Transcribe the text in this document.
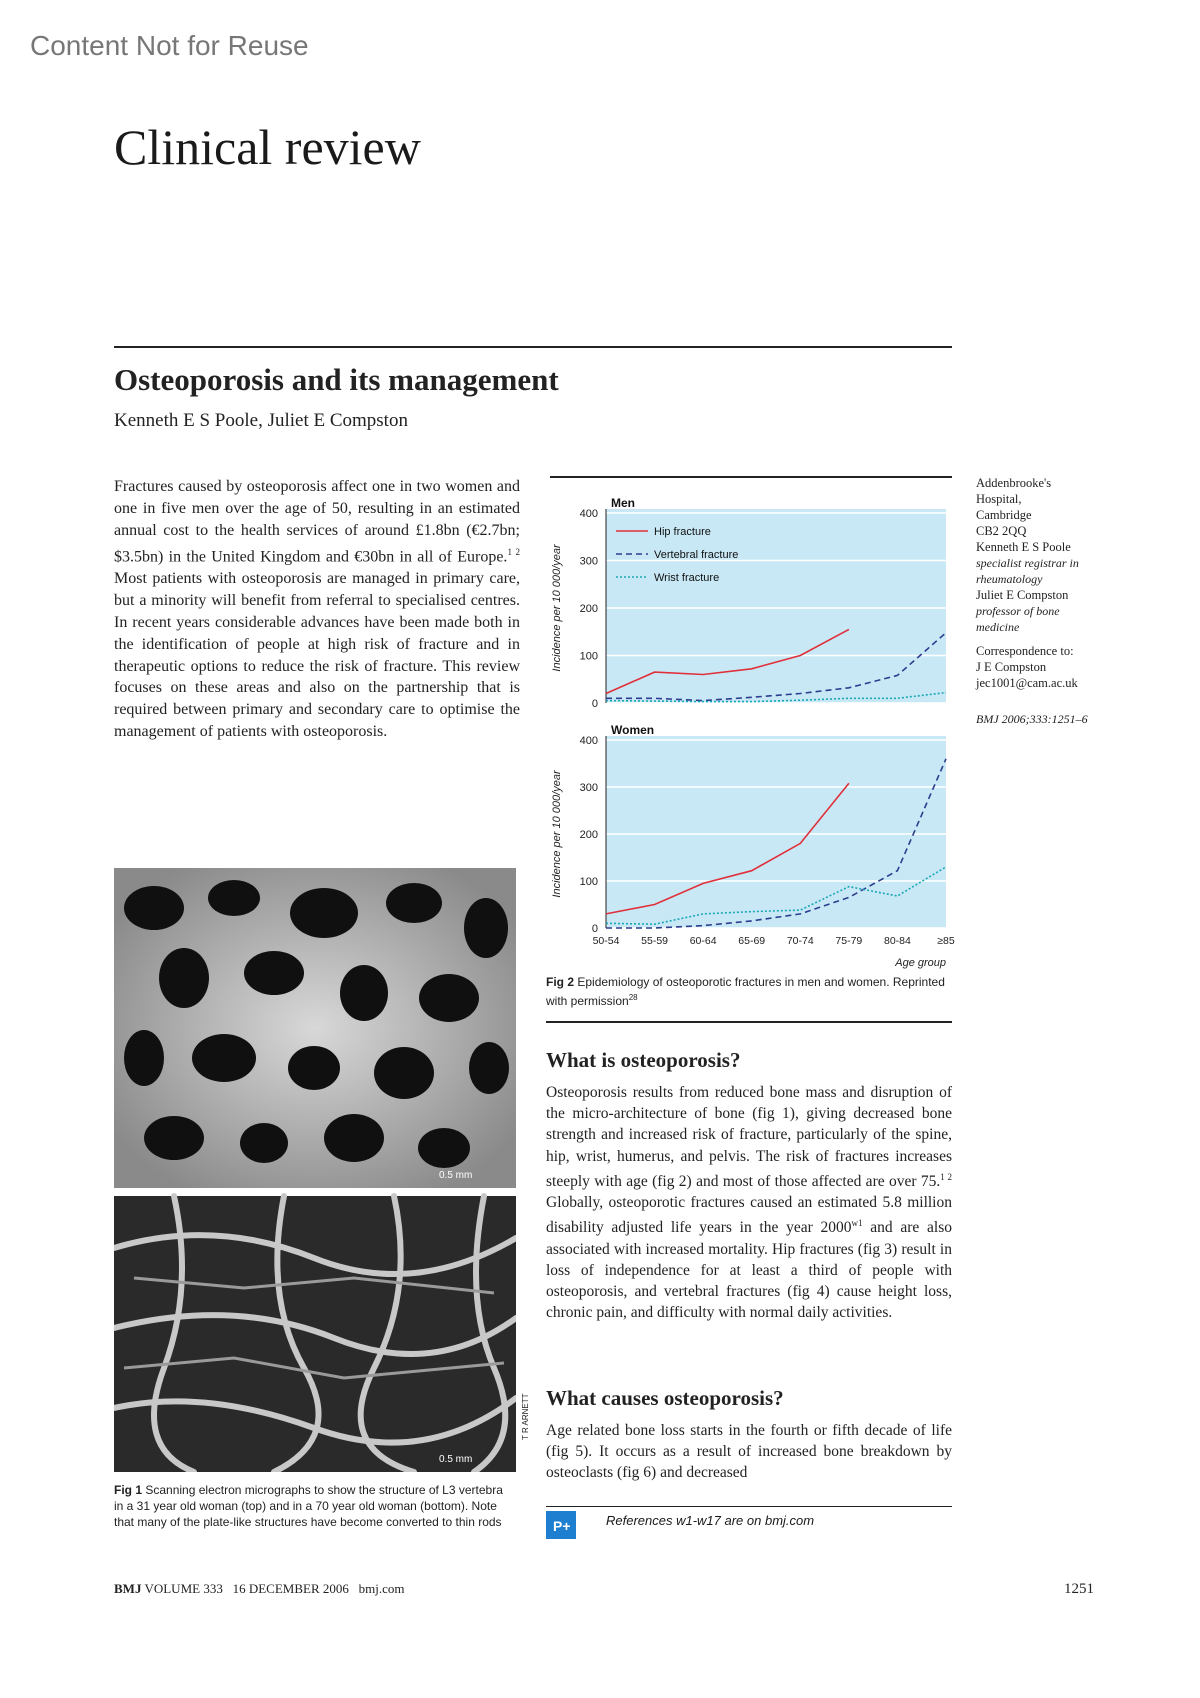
Content Not for Reuse
Clinical review
Osteoporosis and its management
Kenneth E S Poole, Juliet E Compston
Fractures caused by osteoporosis affect one in two women and one in five men over the age of 50, resulting in an estimated annual cost to the health services of around £1.8bn (€2.7bn; $3.5bn) in the United Kingdom and €30bn in all of Europe.$^{1 2}$ Most patients with osteoporosis are managed in primary care, but a minority will benefit from referral to specialised centres. In recent years considerable advances have been made both in the identification of people at high risk of fracture and in therapeutic options to reduce the risk of fracture. This review focuses on these areas and also on the partnership that is required between primary and secondary care to optimise the management of patients with osteoporosis.
0.5 mm
0.5 mm
T R ARNETT
Fig 1 Scanning electron micrographs to show the structure of L3 vertebra in a 31 year old woman (top) and in a 70 year old woman (bottom). Note that many of the plate-like structures have become converted to thin rods
0
100
200
300
400
Men
Incidence per 10 000/year
Hip fracture
Vertebral fracture
Wrist fracture
0
100
200
300
400
Women
Incidence per 10 000/year
50-54 55-59 60-64 65-69 70-74 75-79 80-84	≥85
Age group
Fig 2 Epidemiology of osteoporotic fractures in men and women. Reprinted with permission$^{28}$
What is osteoporosis?
Osteoporosis results from reduced bone mass and disruption of the micro-architecture of bone (fig 1), giving decreased bone strength and increased risk of fracture, particularly of the spine, hip, wrist, humerus, and pelvis. The risk of fractures increases steeply with age (fig 2) and most of those affected are over 75.$^{1 2}$ Globally, osteoporotic fractures caused an estimated 5.8 million disability adjusted life years in the year $2000^{w1}$ and are also associated with increased mortality. Hip fractures (fig 3) result in loss of independence for at least a third of people with osteoporosis, and vertebral fractures (fig 4) cause height loss, chronic pain, and difficulty with normal daily activities.
What causes osteoporosis?
Age related bone loss starts in the fourth or fifth decade of life (fig 5). It occurs as a result of increased bone breakdown by osteoclasts (fig 6) and decreased
P+	References w1-w17 are on bmj.com
Addenbrooke's
Hospital,
Cambridge
CB2 2QQ
Kenneth E S Poole
specialist registrar in rheumatology
Juliet E Compston
professor of bone medicine
Correspondence to:
J E Compston
jec1001@cam.ac.uk
BMJ 2006;333:1251–6
BMJ VOLUME 333 16 DECEMBER 2006 bmj.com	1251
